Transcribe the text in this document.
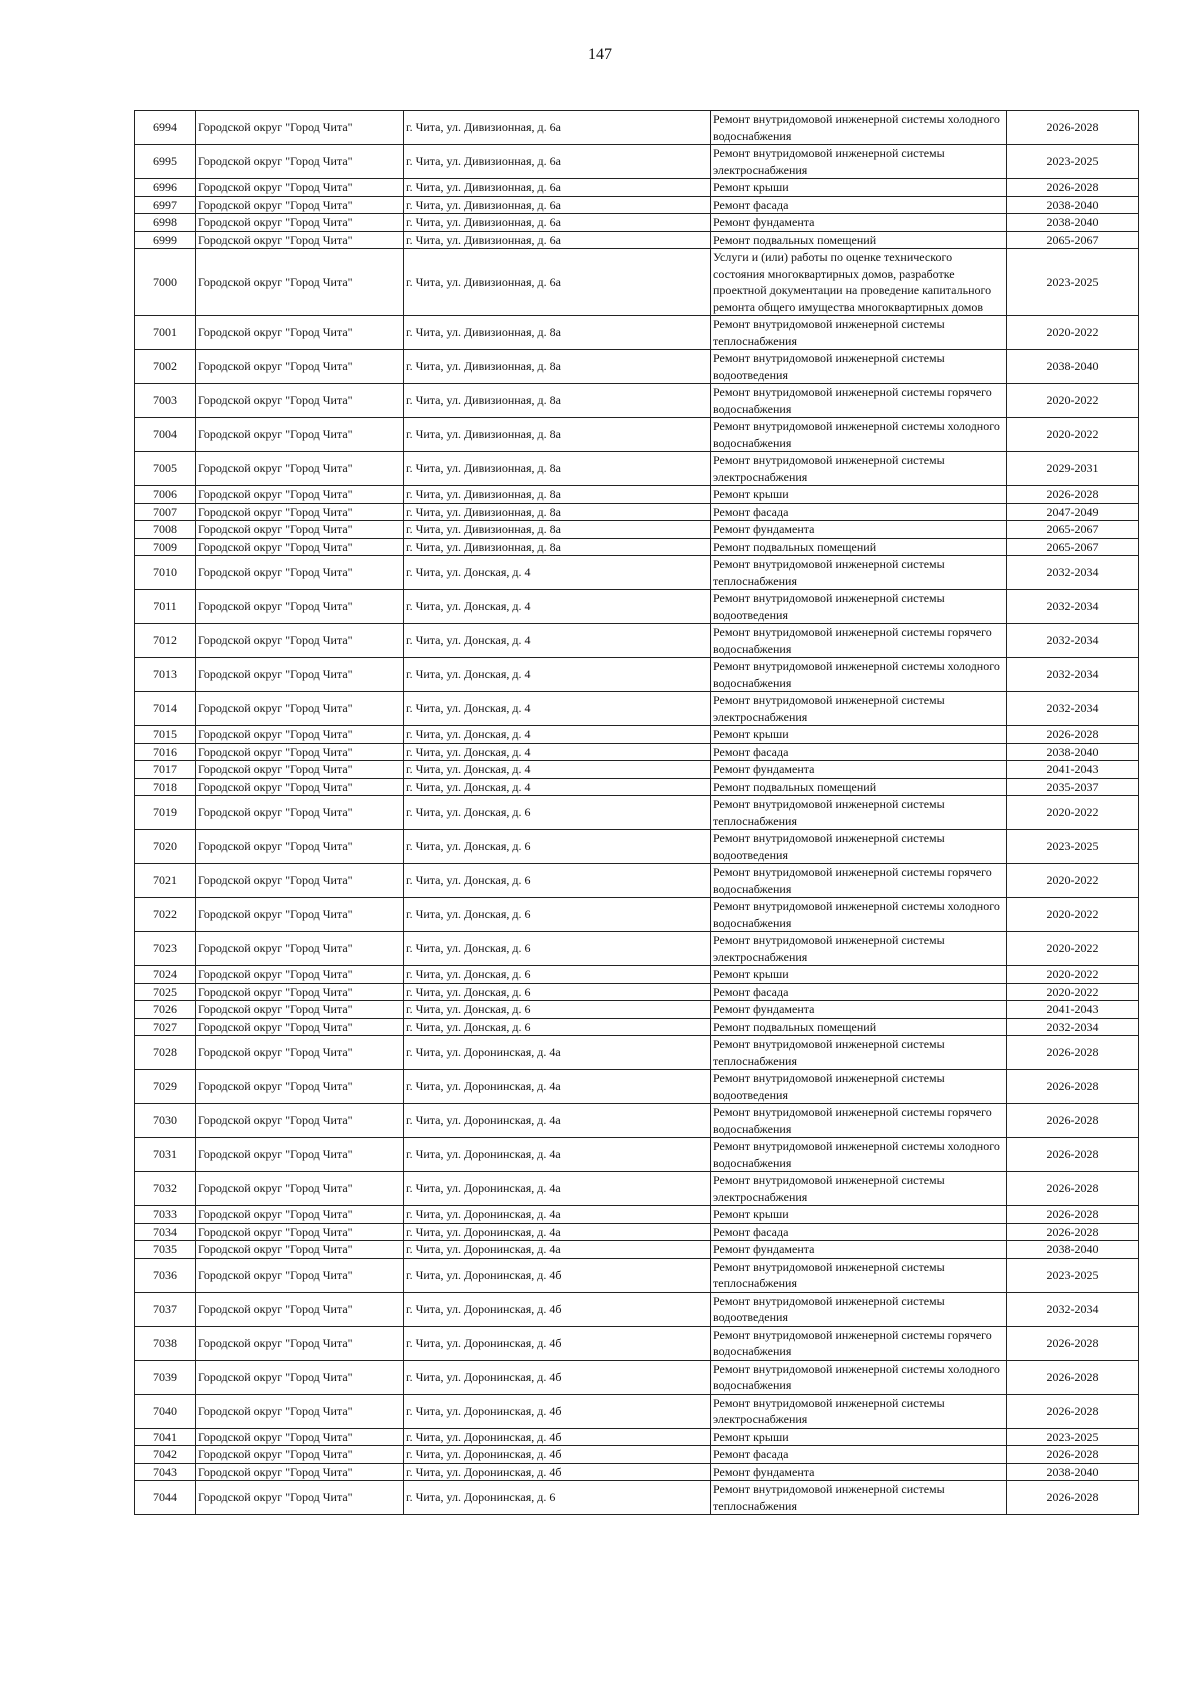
147
6994	Городской округ "Город Чита"	г. Чита, ул. Дивизионная, д. 6а	Ремонт внутридомовой инженерной системы холодного водоснабжения	2026-2028
6995	Городской округ "Город Чита"	г. Чита, ул. Дивизионная, д. 6а	Ремонт внутридомовой инженерной системы электроснабжения	2023-2025
6996	Городской округ "Город Чита"	г. Чита, ул. Дивизионная, д. 6а	Ремонт крыши	2026-2028
6997	Городской округ "Город Чита"	г. Чита, ул. Дивизионная, д. 6а	Ремонт фасада	2038-2040
6998	Городской округ "Город Чита"	г. Чита, ул. Дивизионная, д. 6а	Ремонт фундамента	2038-2040
6999	Городской округ "Город Чита"	г. Чита, ул. Дивизионная, д. 6а	Ремонт подвальных помещений	2065-2067
7000	Городской округ "Город Чита"	г. Чита, ул. Дивизионная, д. 6а	Услуги и (или) работы по оценке технического состояния многоквартирных домов, разработке проектной документации на проведение капитального ремонта общего имущества многоквартирных домов	2023-2025
7001	Городской округ "Город Чита"	г. Чита, ул. Дивизионная, д. 8а	Ремонт внутридомовой инженерной системы теплоснабжения	2020-2022
7002	Городской округ "Город Чита"	г. Чита, ул. Дивизионная, д. 8а	Ремонт внутридомовой инженерной системы водоотведения	2038-2040
7003	Городской округ "Город Чита"	г. Чита, ул. Дивизионная, д. 8а	Ремонт внутридомовой инженерной системы горячего водоснабжения	2020-2022
7004	Городской округ "Город Чита"	г. Чита, ул. Дивизионная, д. 8а	Ремонт внутридомовой инженерной системы холодного водоснабжения	2020-2022
7005	Городской округ "Город Чита"	г. Чита, ул. Дивизионная, д. 8а	Ремонт внутридомовой инженерной системы электроснабжения	2029-2031
7006	Городской округ "Город Чита"	г. Чита, ул. Дивизионная, д. 8а	Ремонт крыши	2026-2028
7007	Городской округ "Город Чита"	г. Чита, ул. Дивизионная, д. 8а	Ремонт фасада	2047-2049
7008	Городской округ "Город Чита"	г. Чита, ул. Дивизионная, д. 8а	Ремонт фундамента	2065-2067
7009	Городской округ "Город Чита"	г. Чита, ул. Дивизионная, д. 8а	Ремонт подвальных помещений	2065-2067
7010	Городской округ "Город Чита"	г. Чита, ул. Донская, д. 4	Ремонт внутридомовой инженерной системы теплоснабжения	2032-2034
7011	Городской округ "Город Чита"	г. Чита, ул. Донская, д. 4	Ремонт внутридомовой инженерной системы водоотведения	2032-2034
7012	Городской округ "Город Чита"	г. Чита, ул. Донская, д. 4	Ремонт внутридомовой инженерной системы горячего водоснабжения	2032-2034
7013	Городской округ "Город Чита"	г. Чита, ул. Донская, д. 4	Ремонт внутридомовой инженерной системы холодного водоснабжения	2032-2034
7014	Городской округ "Город Чита"	г. Чита, ул. Донская, д. 4	Ремонт внутридомовой инженерной системы электроснабжения	2032-2034
7015	Городской округ "Город Чита"	г. Чита, ул. Донская, д. 4	Ремонт крыши	2026-2028
7016	Городской округ "Город Чита"	г. Чита, ул. Донская, д. 4	Ремонт фасада	2038-2040
7017	Городской округ "Город Чита"	г. Чита, ул. Донская, д. 4	Ремонт фундамента	2041-2043
7018	Городской округ "Город Чита"	г. Чита, ул. Донская, д. 4	Ремонт подвальных помещений	2035-2037
7019	Городской округ "Город Чита"	г. Чита, ул. Донская, д. 6	Ремонт внутридомовой инженерной системы теплоснабжения	2020-2022
7020	Городской округ "Город Чита"	г. Чита, ул. Донская, д. 6	Ремонт внутридомовой инженерной системы водоотведения	2023-2025
7021	Городской округ "Город Чита"	г. Чита, ул. Донская, д. 6	Ремонт внутридомовой инженерной системы горячего водоснабжения	2020-2022
7022	Городской округ "Город Чита"	г. Чита, ул. Донская, д. 6	Ремонт внутридомовой инженерной системы холодного водоснабжения	2020-2022
7023	Городской округ "Город Чита"	г. Чита, ул. Донская, д. 6	Ремонт внутридомовой инженерной системы электроснабжения	2020-2022
7024	Городской округ "Город Чита"	г. Чита, ул. Донская, д. 6	Ремонт крыши	2020-2022
7025	Городской округ "Город Чита"	г. Чита, ул. Донская, д. 6	Ремонт фасада	2020-2022
7026	Городской округ "Город Чита"	г. Чита, ул. Донская, д. 6	Ремонт фундамента	2041-2043
7027	Городской округ "Город Чита"	г. Чита, ул. Донская, д. 6	Ремонт подвальных помещений	2032-2034
7028	Городской округ "Город Чита"	г. Чита, ул. Доронинская, д. 4а	Ремонт внутридомовой инженерной системы теплоснабжения	2026-2028
7029	Городской округ "Город Чита"	г. Чита, ул. Доронинская, д. 4а	Ремонт внутридомовой инженерной системы водоотведения	2026-2028
7030	Городской округ "Город Чита"	г. Чита, ул. Доронинская, д. 4а	Ремонт внутридомовой инженерной системы горячего водоснабжения	2026-2028
7031	Городской округ "Город Чита"	г. Чита, ул. Доронинская, д. 4а	Ремонт внутридомовой инженерной системы холодного водоснабжения	2026-2028
7032	Городской округ "Город Чита"	г. Чита, ул. Доронинская, д. 4а	Ремонт внутридомовой инженерной системы электроснабжения	2026-2028
7033	Городской округ "Город Чита"	г. Чита, ул. Доронинская, д. 4а	Ремонт крыши	2026-2028
7034	Городской округ "Город Чита"	г. Чита, ул. Доронинская, д. 4а	Ремонт фасада	2026-2028
7035	Городской округ "Город Чита"	г. Чита, ул. Доронинская, д. 4а	Ремонт фундамента	2038-2040
7036	Городской округ "Город Чита"	г. Чита, ул. Доронинская, д. 4б	Ремонт внутридомовой инженерной системы теплоснабжения	2023-2025
7037	Городской округ "Город Чита"	г. Чита, ул. Доронинская, д. 4б	Ремонт внутридомовой инженерной системы водоотведения	2032-2034
7038	Городской округ "Город Чита"	г. Чита, ул. Доронинская, д. 4б	Ремонт внутридомовой инженерной системы горячего водоснабжения	2026-2028
7039	Городской округ "Город Чита"	г. Чита, ул. Доронинская, д. 4б	Ремонт внутридомовой инженерной системы холодного водоснабжения	2026-2028
7040	Городской округ "Город Чита"	г. Чита, ул. Доронинская, д. 4б	Ремонт внутридомовой инженерной системы электроснабжения	2026-2028
7041	Городской округ "Город Чита"	г. Чита, ул. Доронинская, д. 4б	Ремонт крыши	2023-2025
7042	Городской округ "Город Чита"	г. Чита, ул. Доронинская, д. 4б	Ремонт фасада	2026-2028
7043	Городской округ "Город Чита"	г. Чита, ул. Доронинская, д. 4б	Ремонт фундамента	2038-2040
7044	Городской округ "Город Чита"	г. Чита, ул. Доронинская, д. 6	Ремонт внутридомовой инженерной системы теплоснабжения	2026-2028
